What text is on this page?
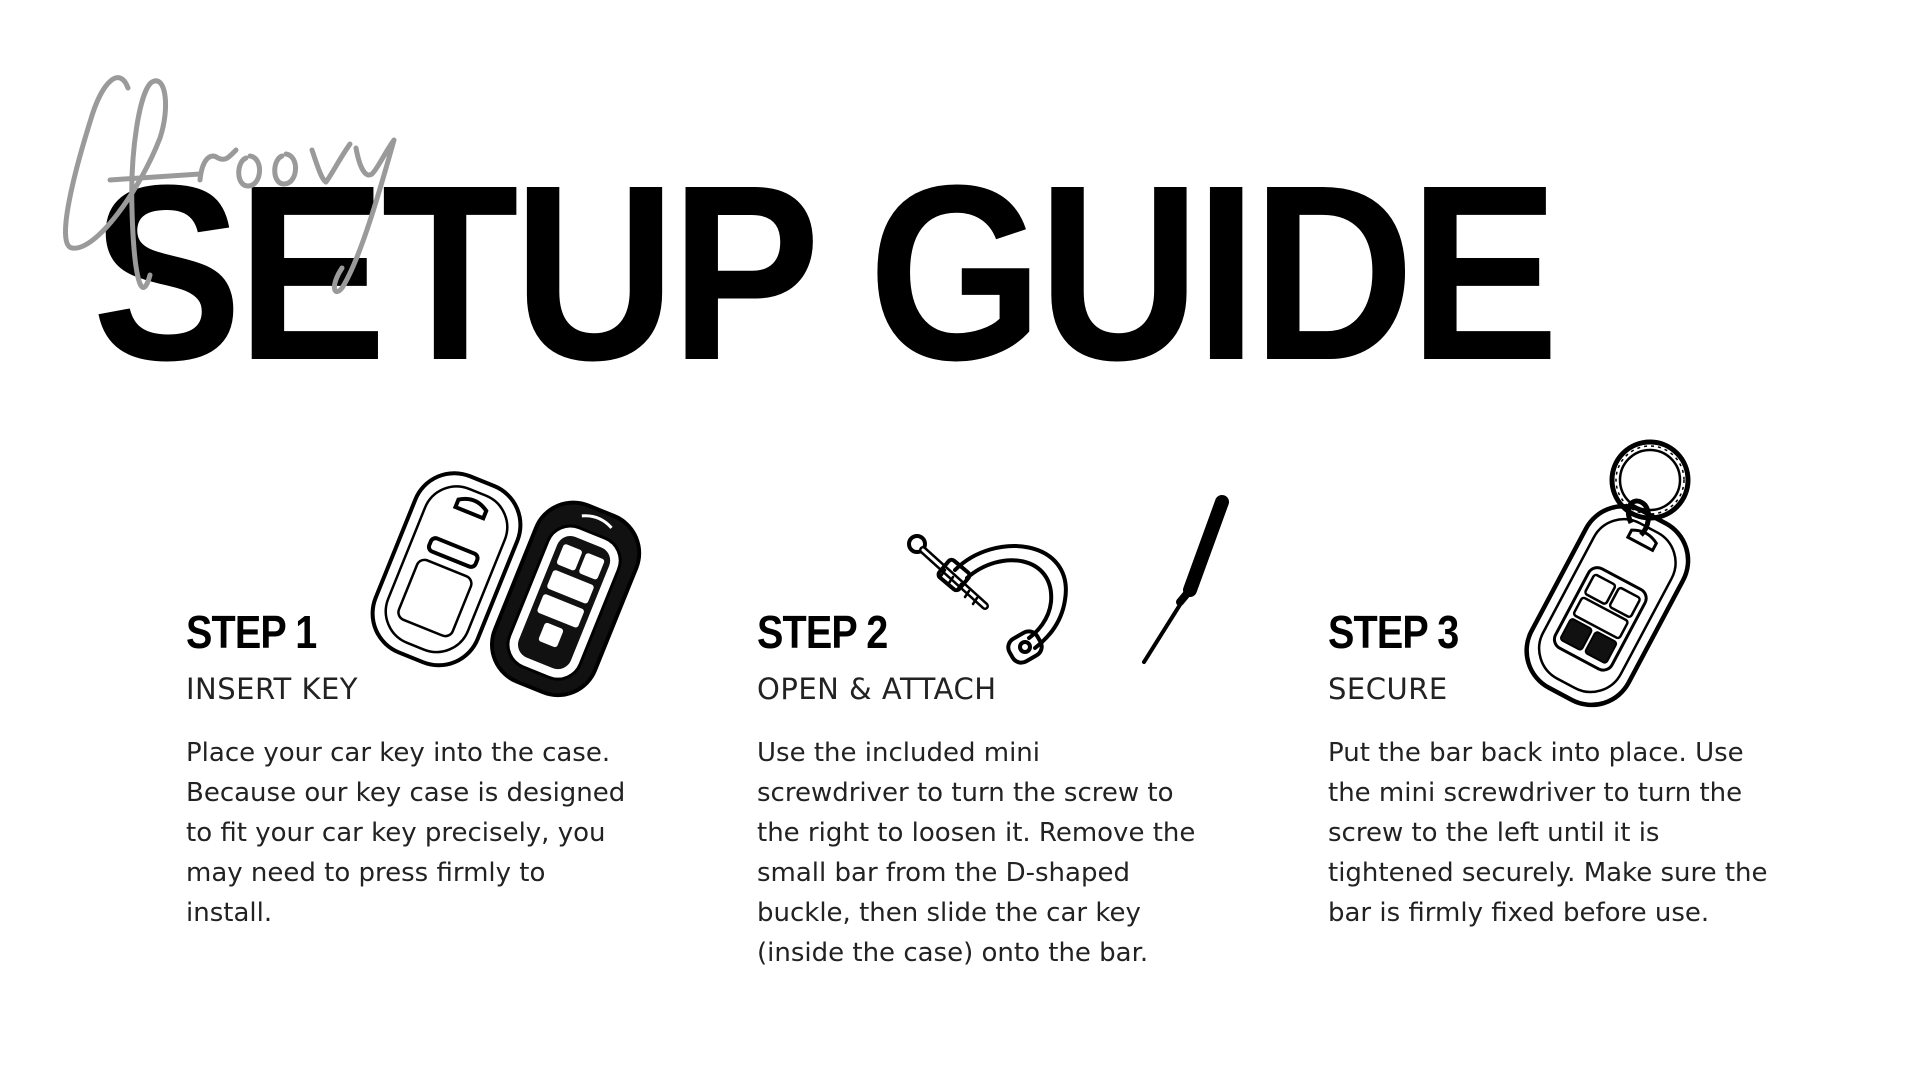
SETUP GUIDE
STEP 1
INSERT KEY

Place your car key into the case. Because our key case is designed to fit your car key precisely, you may need to press firmly to install.

STEP 2
OPEN & ATTACH

Use the included mini screwdriver to turn the screw to the right to loosen it. Remove the small bar from the D-shaped buckle, then slide the car key (inside the case) onto the bar.

STEP 3
SECURE

Put the bar back into place. Use the mini screwdriver to turn the screw to the left until it is tightened securely. Make sure the bar is firmly fixed before use.
